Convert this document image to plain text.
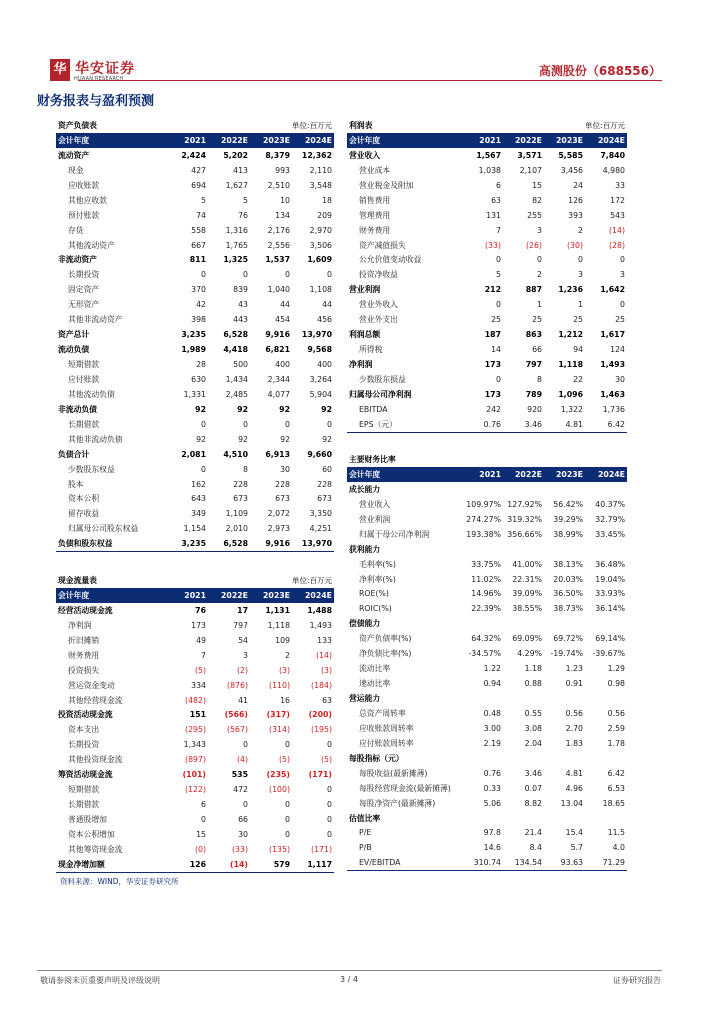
华 华安证券
HUAAN RESEARCH
高测股份（688556）
财务报表与盈利预测
资产负债表			单位:百万元	
会计年度	2021	2022E	2023E	2024E
流动资产	2,424	5,202	8,379	12,362
现金	427	413	993	2,110
应收账款	694	1,627	2,510	3,548
其他应收款	5	5	10	18
预付账款	74	76	134	209
存货	558	1,316	2,176	2,970
其他流动资产	667	1,765	2,556	3,506
非流动资产	811	1,325	1,537	1,609
长期投资	0	0	0	0
固定资产	370	839	1,040	1,108
无形资产	42	43	44	44
其他非流动资产	398	443	454	456
资产总计	3,235	6,528	9,916	13,970
流动负债	1,989	4,418	6,821	9,568
短期借款	28	500	400	400
应付账款	630	1,434	2,344	3,264
其他流动负债	1,331	2,485	4,077	5,904
非流动负债	92	92	92	92
长期借款	0	0	0	0
其他非流动负债	92	92	92	92
负债合计	2,081	4,510	6,913	9,660
少数股东权益	0	8	30	60
股本	162	228	228	228
资本公积	643	673	673	673
留存收益	349	1,109	2,072	3,350
归属母公司股东权益	1,154	2,010	2,973	4,251
负债和股东权益	3,235	6,528	9,916	13,970
现金流量表			单位:百万元	
会计年度	2021	2022E	2023E	2024E
经营活动现金流	76	17	1,131	1,488
净利润	173	797	1,118	1,493
折旧摊销	49	54	109	133
财务费用	7	3	2	(14)
投资损失	(5)	(2)	(3)	(3)
营运资金变动	334	(876)	(110)	(184)
其他经营现金流	(482)	41	16	63
投资活动现金流	151	(566)	(317)	(200)
资本支出	(295)	(567)	(314)	(195)
长期投资	1,343	0	0	0
其他投资现金流	(897)	(4)	(5)	(5)
筹资活动现金流	(101)	535	(235)	(171)
短期借款	(122)	472	(100)	0
长期借款	6	0	0	0
普通股增加	0	66	0	0
资本公积增加	15	30	0	0
其他筹资现金流	(0)	(33)	(135)	(171)
现金净增加额	126	(14)	579	1,117
利润表			单位:百万元	
会计年度	2021	2022E	2023E	2024E
营业收入	1,567	3,571	5,585	7,840
营业成本	1,038	2,107	3,456	4,980
营业税金及附加	6	15	24	33
销售费用	63	82	126	172
管理费用	131	255	393	543
财务费用	7	3	2	(14)
资产减值损失	(33)	(26)	(30)	(28)
公允价值变动收益	0	0	0	0
投资净收益	5	2	3	3
营业利润	212	887	1,236	1,642
营业外收入	0	1	1	0
营业外支出	25	25	25	25
利润总额	187	863	1,212	1,617
所得税	14	66	94	124
净利润	173	797	1,118	1,493
少数股东损益	0	8	22	30
归属母公司净利润	173	789	1,096	1,463
EBITDA	242	920	1,322	1,736
EPS（元）	0.76	3.46	4.81	6.42
主要财务比率				
会计年度	2021	2022E	2023E	2024E
成长能力				
营业收入	109.97%	127.92%	56.42%	40.37%
营业利润	274.27%	319.32%	39.29%	32.79%
归属于母公司净利润	193.38%	356.66%	38.99%	33.45%
获利能力				
毛利率(%)	33.75%	41.00%	38.13%	36.48%
净利率(%)	11.02%	22.31%	20.03%	19.04%
ROE(%)	14.96%	39.09%	36.50%	33.93%
ROIC(%)	22.39%	38.55%	38.73%	36.14%
偿债能力				
资产负债率(%)	64.32%	69.09%	69.72%	69.14%
净负债比率(%)	-34.57%	4.29%	-19.74%	-39.67%
流动比率	1.22	1.18	1.23	1.29
速动比率	0.94	0.88	0.91	0.98
营运能力				
总资产周转率	0.48	0.55	0.56	0.56
应收账款周转率	3.00	3.08	2.70	2.59
应付账款周转率	2.19	2.04	1.83	1.78
每股指标（元）				
每股收益(最新摊薄)	0.76	3.46	4.81	6.42
每股经营现金流(最新摊薄)	0.33	0.07	4.96	6.53
每股净资产(最新摊薄)	5.06	8.82	13.04	18.65
估值比率				
P/E	97.8	21.4	15.4	11.5
P/B	14.6	8.4	5.7	4.0
EV/EBITDA	310.74	134.54	93.63	71.29
资料来源：WIND，华安证券研究所
敬请参阅末页重要声明及评级说明	3 / 4	证券研究报告
